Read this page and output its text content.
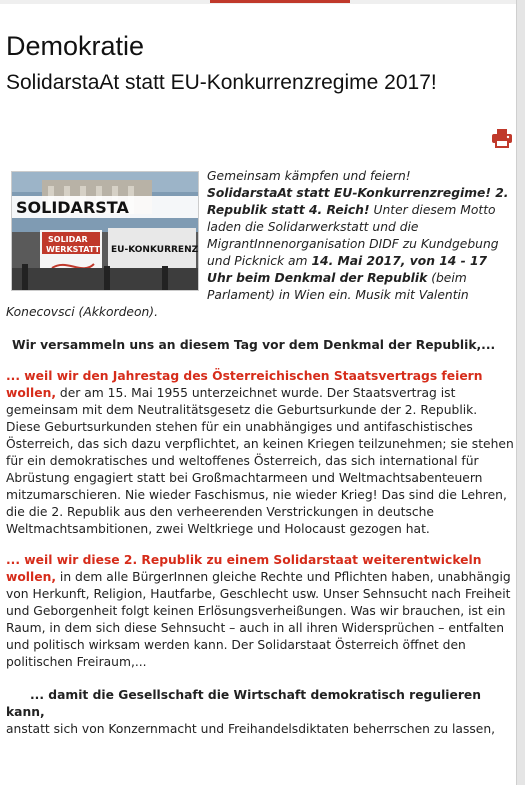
Demokratie
SolidarstaAt statt EU-Konkurrenzregime 2017!
SOLIDARSTA
SOLIDAR
WERKSTATT EU-KONKURRENZ

Gemeinsam kämpfen und feiern!
SolidarstaAt statt EU-Konkurrenzregime! 2. Republik statt 4. Reich! Unter diesem Motto laden die Solidarwerkstatt und die MigrantInnenorganisation DIDF zu Kundgebung und Picknick am 14. Mai 2017, von 14 - 17 Uhr beim Denkmal der Republik (beim Parlament) in Wien ein. Musik mit Valentin Konecovsci (Akkordeon).

Wir versammeln uns an diesem Tag vor dem Denkmal der Republik,...

... weil wir den Jahrestag des Österreichischen Staatsvertrags feiern wollen, der am 15. Mai 1955 unterzeichnet wurde. Der Staatsvertrag ist gemeinsam mit dem Neutralitätsgesetz die Geburtsurkunde der 2. Republik. Diese Geburtsurkunden stehen für ein unabhängiges und antifaschistisches Österreich, das sich dazu verpflichtet, an keinen Kriegen teilzunehmen; sie stehen für ein demokratisches und weltoffenes Österreich, das sich international für Abrüstung engagiert statt bei Großmachtarmeen und Weltmachtsabenteuern mitzumarschieren. Nie wieder Faschismus, nie wieder Krieg! Das sind die Lehren, die die 2. Republik aus den verheerenden Verstrickungen in deutsche Weltmachtsambitionen, zwei Weltkriege und Holocaust gezogen hat.

... weil wir diese 2. Republik zu einem Solidarstaat weiterentwickeln wollen, in dem alle BürgerInnen gleiche Rechte und Pflichten haben, unabhängig von Herkunft, Religion, Hautfarbe, Geschlecht usw. Unser Sehnsucht nach Freiheit und Geborgenheit folgt keinen Erlösungsverheißungen. Was wir brauchen, ist ein Raum, in dem sich diese Sehnsucht – auch in all ihren Widersprüchen – entfalten und politisch wirksam werden kann. Der Solidarstaat Österreich öffnet den politischen Freiraum,...

... damit die Gesellschaft die Wirtschaft demokratisch regulieren kann,
anstatt sich von Konzernmacht und Freihandelsdiktaten beherrschen zu lassen,
